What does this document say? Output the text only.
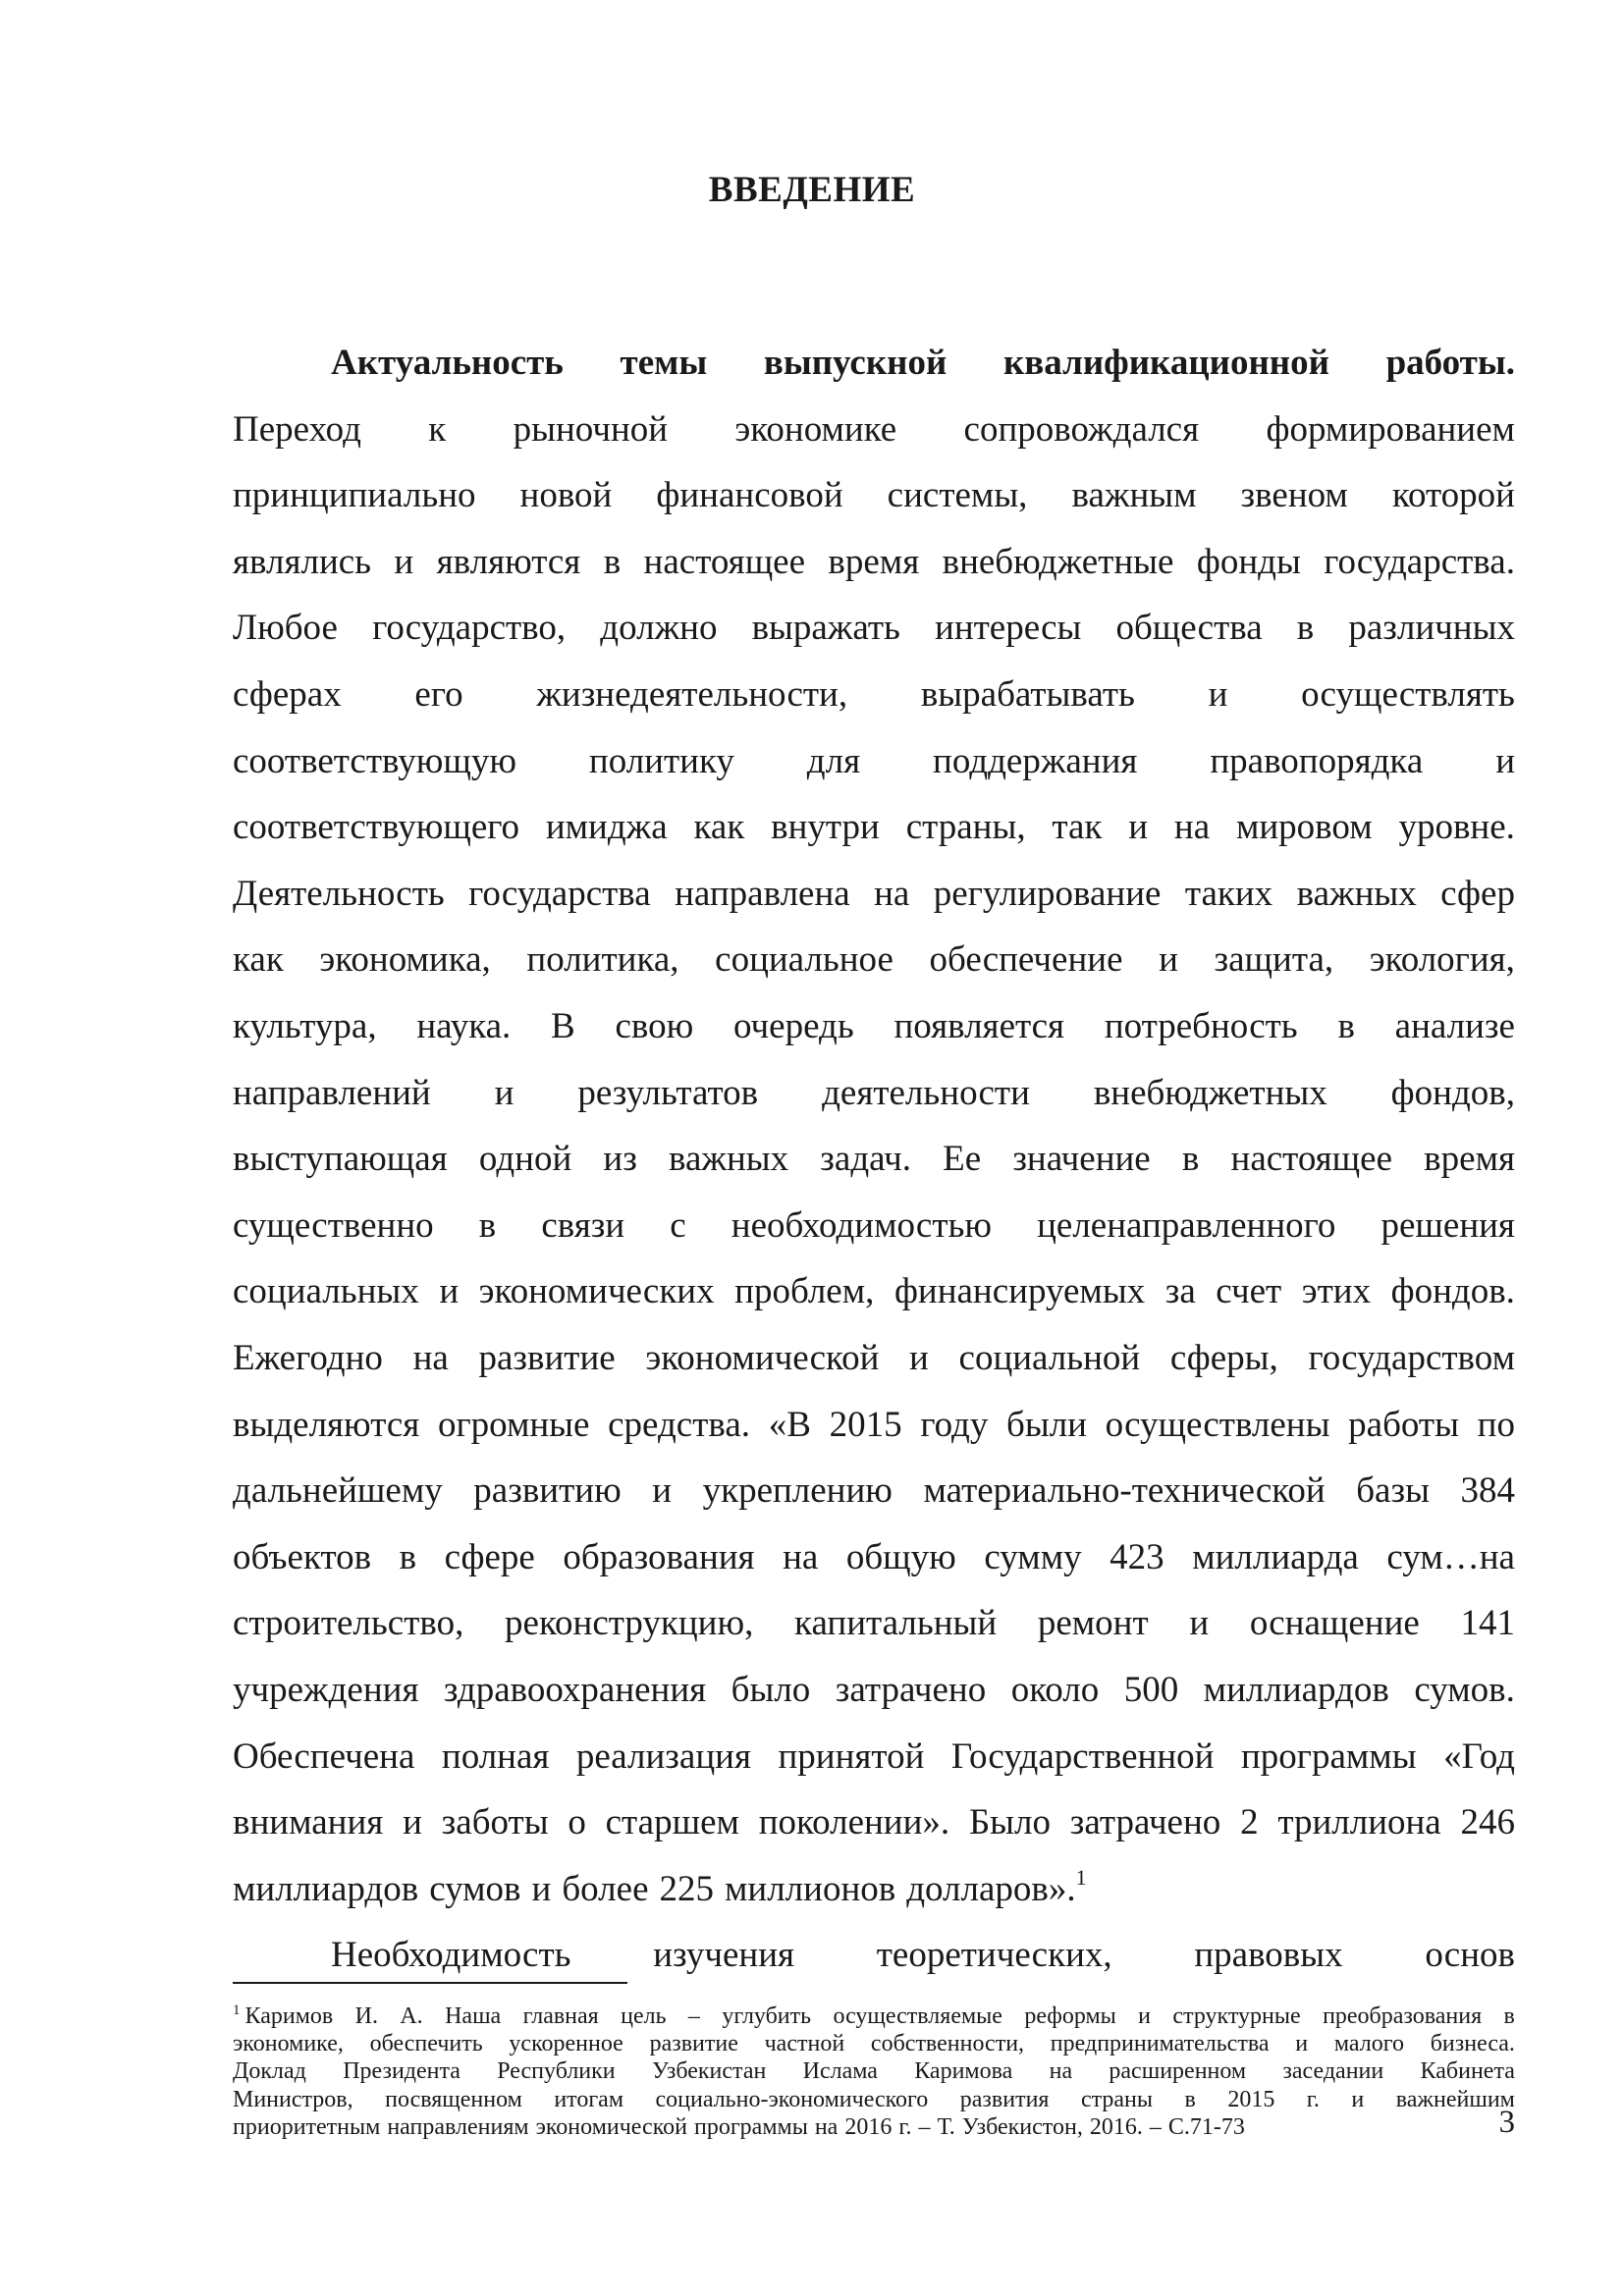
ВВЕДЕНИЕ
Актуальность темы выпускной квалификационной работы.
Переход к рыночной экономике сопровождался формированием
принципиально новой финансовой системы, важным звеном которой
являлись и являются в настоящее время внебюджетные фонды государства.
Любое государство, должно выражать интересы общества в различных
сферах его жизнедеятельности, вырабатывать и осуществлять
соответствующую политику для поддержания правопорядка и
соответствующего имиджа как внутри страны, так и на мировом уровне.
Деятельность государства направлена на регулирование таких важных сфер
как экономика, политика, социальное обеспечение и защита, экология,
культура, наука. В свою очередь появляется потребность в анализе
направлений и результатов деятельности внебюджетных фондов,
выступающая одной из важных задач. Ее значение в настоящее время
существенно в связи с необходимостью целенаправленного решения
социальных и экономических проблем, финансируемых за счет этих фондов.
Ежегодно на развитие экономической и социальной сферы, государством
выделяются огромные средства. «В 2015 году были осуществлены работы по
дальнейшему развитию и укреплению материально-технической базы 384
объектов в сфере образования на общую сумму 423 миллиарда сум…на
строительство, реконструкцию, капитальный ремонт и оснащение 141
учреждения здравоохранения было затрачено около 500 миллиардов сумов.
Обеспечена полная реализация принятой Государственной программы «Год
внимания и заботы о старшем поколении». Было затрачено 2 триллиона 246
миллиардов сумов и более 225 миллионов долларов».$^1$
Необходимость изучения теоретических, правовых основ
$^1$ Каримов И. А. Наша главная цель – углубить осуществляемые реформы и структурные преобразования в
экономике, обеспечить ускоренное развитие частной собственности, предпринимательства и малого бизнеса.
Доклад Президента Республики Узбекистан Ислама Каримова на расширенном заседании Кабинета
Министров, посвященном итогам социально-экономического развития страны в 2015 г. и важнейшим
приоритетным направлениям экономической программы на 2016 г. – Т. Узбекистон, 2016. – С.71-73	3
